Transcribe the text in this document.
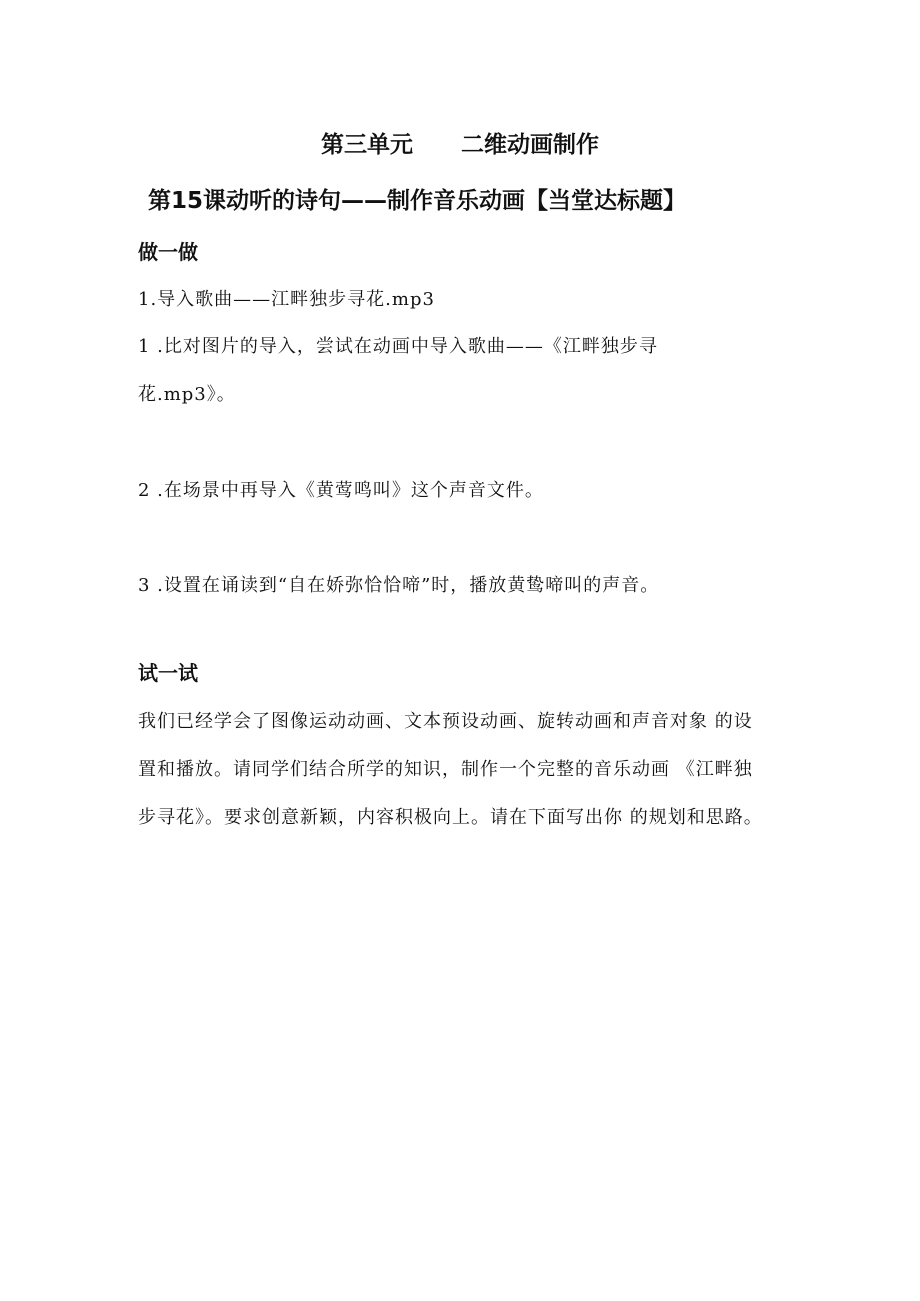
第三单元 二维动画制作
第15课动听的诗句——制作音乐动画【当堂达标题】
做一做
1.导入歌曲——江畔独步寻花.mp3
1 .比对图片的导入，尝试在动画中导入歌曲——《江畔独步寻
花.mp3》。
2 .在场景中再导入《黄莺鸣叫》这个声音文件。
3 .设置在诵读到“自在娇弥恰恰啼”时，播放黄鸷啼叫的声音。
试一试
我们已经学会了图像运动动画、文本预设动画、旋转动画和声音对象 的设
置和播放。请同学们结合所学的知识，制作一个完整的音乐动画 《江畔独
步寻花》。要求创意新颖，内容积极向上。请在下面写出你 的规划和思路。
